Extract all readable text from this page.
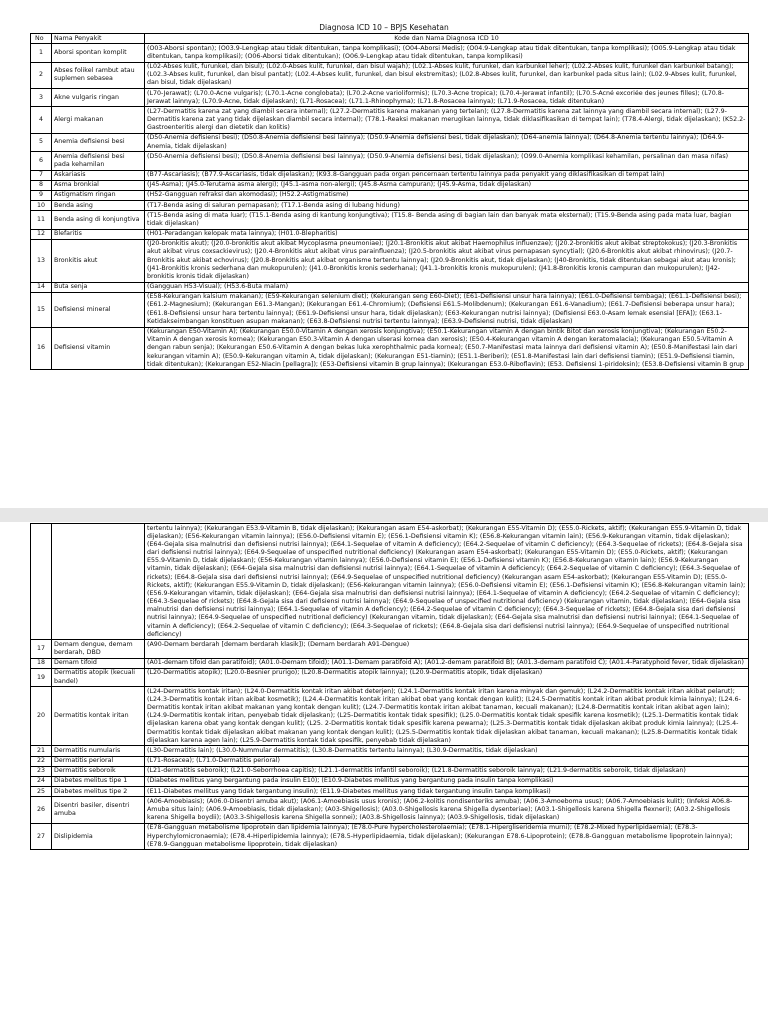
Diagnosa ICD 10 – BPJS Kesehatan
No	Nama Penyakit	Kode dan Nama Diagnosa ICD 10
1	Aborsi spontan komplit	(O03-Aborsi spontan); (O03.9-Lengkap atau tidak ditentukan, tanpa komplikasi); (O04-Aborsi Medis); (O04.9-Lengkap atau tidak ditentukan, tanpa komplikasi); (O05.9-Lengkap atau tidak ditentukan, tanpa komplikasi); (O06-Aborsi tidak ditentukan); (O06.9-Lengkap atau tidak ditentukan, tanpa komplikasi)
2	Abses folikel rambut atau suplemen sebasea	(L02-Abses kulit, furunkel, dan bisul); (L02.0-Abses kulit, furunkel, dan bisul wajah); (L02.1-Abses kulit, furunkel, dan karbunkel leher); (L02.2-Abses kulit, furunkel dan karbunkel batang); (L02.3-Abses kulit, furunkel, dan bisul pantat); (L02.4-Abses kulit, furunkel, dan bisul ekstremitas); (L02.8-Abses kulit, furunkel, dan karbunkel pada situs lain); (L02.9-Abses kulit, furunkel, dan bisul, tidak dijelaskan)
3	Akne vulgaris ringan	(L70-Jerawat); (L70.0-Acne vulgaris); (L70.1-Acne conglobata); (L70.2-Acne varioliformis); (L70.3-Acne tropica); (L70.4-Jerawat infantil); (L70.5-Acné excoriée des jeunes filles); (L70.8-Jerawat lainnya); (L70.9-Acne, tidak dijelaskan); (L71-Rosacea); (L71.1-Rhinophyma); (L71.8-Rosacea lainnya); (L71.9-Rosacea, tidak ditentukan)
4	Alergi makanan	(L27-Dermatitis karena zat yang diambil secara internal); (L27.2-Dermatitis karena makanan yang tertelan); (L27.8-Dermatitis karena zat lainnya yang diambil secara internal); (L27.9-Dermatitis karena zat yang tidak dijelaskan diambil secara internal); (T78.1-Reaksi makanan merugikan lainnya, tidak diklasifikasikan di tempat lain); (T78.4-Alergi, tidak dijelaskan); (K52.2-Gastroenteritis alergi dan dietetik dan kolitis)
5	Anemia defisiensi besi	(D50-Anemia defisiensi besi); (D50.8-Anemia defisiensi besi lainnya); (D50.9-Anemia defisiensi besi, tidak dijelaskan); (D64-anemia lainnya); (D64.8-Anemia tertentu lainnya); (D64.9-Anemia, tidak dijelaskan)
6	Anemia defisiensi besi pada kehamilan	(D50-Anemia defisiensi besi); (D50.8-Anemia defisiensi besi lainnya); (D50.9-Anemia defisiensi besi, tidak dijelaskan); (O99.0-Anemia komplikasi kehamilan, persalinan dan masa nifas)
7	Askariasis	(B77-Ascariasis); (B77.9-Ascariasis, tidak dijelaskan); (K93.8-Gangguan pada organ pencernaan tertentu lainnya pada penyakit yang diklasifikasikan di tempat lain)
8	Asma bronkial	(J45-Asma); (J45.0-Terutama asma alergi); (J45.1-asma non-alergi); (J45.8-Asma campuran); (J45.9-Asma, tidak dijelaskan)
9	Astigmatism ringan	(H52-Gangguan refraksi dan akomodasi); (H52.2-Astigmatisme)
10	Benda asing	(T17-Benda asing di saluran pernapasan); (T17.1-Benda asing di lubang hidung)
11	Benda asing di konjungtiva	(T15-Benda asing di mata luar); (T15.1-Benda asing di kantung konjungtiva); (T15.8- Benda asing di bagian lain dan banyak mata eksternal); (T15.9-Benda asing pada mata luar, bagian tidak dijelaskan)
12	Blefaritis	(H01-Peradangan kelopak mata lainnya); (H01.0-Blepharitis)
13	Bronkitis akut	(J20-bronkitis akut); (J20.0-bronkitis akut akibat Mycoplasma pneumoniae); (J20.1-Bronkitis akut akibat Haemophilus influenzae); (J20.2-bronkitis akut akibat streptokokus); (J20.3-Bronkitis akut akibat virus coxsackievirus); (J20.4-Bronkitis akut akibat virus parainfluenza); (J20.5-bronkitis akut akibat virus pernapasan syncytial); (J20.6-Bronkitis akut akibat rhinovirus); (J20.7-Bronkitis akut akibat echovirus); (J20.8-Bronkitis akut akibat organisme tertentu lainnya); (J20.9-Bronkitis akut, tidak dijelaskan); (J40-Bronkitis, tidak ditentukan sebagai akut atau kronis); (J41-Bronkitis kronis sederhana dan mukopurulen); (J41.0-Bronkitis kronis sederhana); (J41.1-bronkitis kronis mukopurulen); (J41.8-Bronkitis kronis campuran dan mukopurulen); (J42-bronkitis kronis tidak dijelaskan)
14	Buta senja	(Gangguan H53-Visual); (H53.6-Buta malam)
15	Defisiensi mineral	(E58-Kekurangan kalsium makanan); (E59-Kekurangan selenium diet); (Kekurangan seng E60-Diet); (E61-Defisiensi unsur hara lainnya); (E61.0-Defisiensi tembaga); (E61.1-Defisiensi besi); (E61.2-Magnesium); (Kekurangan E61.3-Mangan); (Kekurangan E61.4-Chromium); (Defisiensi E61.5-Molibdenum); (Kekurangan E61.6-Vanadium); (E61.7-Defisiensi beberapa unsur hara); (E61.8-Defisiensi unsur hara tertentu lainnya); (E61.9-Defisiensi unsur hara, tidak dijelaskan); (E63-Kekurangan nutrisi lainnya); (Defisiensi E63.0-Asam lemak esensial [EFA]); (E63.1-Ketidakseimbangan konstituen asupan makanan); (E63.8-Defisiensi nutrisi tertentu lainnya); (E63.9-Defisiensi nutrisi, tidak dijelaskan)
16	Defisiensi vitamin	(Kekurangan E50-Vitamin A); (Kekurangan E50.0-Vitamin A dengan xerosis konjungtiva); (E50.1-Kekurangan vitamin A dengan bintik Bitot dan xerosis konjungtiva); (Kekurangan E50.2-Vitamin A dengan xerosis kornea); (Kekurangan E50.3-Vitamin A dengan ulserasi kornea dan xerosis); (E50.4-Kekurangan vitamin A dengan keratomalacia); (Kekurangan E50.5-Vitamin A dengan rabun senja); (Kekurangan E50.6-Vitamin A dengan bekas luka xerophthalmic pada kornea); (E50.7-Manifestasi mata lainnya dari defisiensi vitamin A); (E50.8-Manifestasi lain dari kekurangan vitamin A); (E50.9-Kekurangan vitamin A, tidak dijelaskan); (Kekurangan E51-tiamin); (E51.1-Beriberi); (E51.8-Manifestasi lain dari defisiensi tiamin); (E51.9-Defisiensi tiamin, tidak ditentukan); (Kekurangan E52-Niacin [pellagra]); (E53-Defisiensi vitamin B grup lainnya); (Kekurangan E53.0-Riboflavin); (E53. Defisiensi 1-piridoksin); (E53.8-Defisiensi vitamin B grup
		tertentu lainnya); (Kekurangan E53.9-Vitamin B, tidak dijelaskan); (Kekurangan asam E54-askorbat); (Kekurangan E55-Vitamin D); (E55.0-Rickets, aktif); (Kekurangan E55.9-Vitamin D, tidak dijelaskan); (E56-Kekurangan vitamin lainnya); (E56.0-Defisiensi vitamin E); (E56.1-Defisiensi vitamin K); (E56.8-Kekurangan vitamin lain); (E56.9-Kekurangan vitamin, tidak dijelaskan); (E64-Gejala sisa malnutrisi dan defisiensi nutrisi lainnya); (E64.1-Sequelae of vitamin A deficiency); (E64.2-Sequelae of vitamin C deficiency); (E64.3-Sequelae of rickets); (E64.8-Gejala sisa dari defisiensi nutrisi lainnya); (E64.9-Sequelae of unspecified nutritional deficiency) (Kekurangan asam E54-askorbat); (Kekurangan E55-Vitamin D); (E55.0-Rickets, aktif); (Kekurangan E55.9-Vitamin D, tidak dijelaskan); (E56-Kekurangan vitamin lainnya); (E56.0-Defisiensi vitamin E); (E56.1-Defisiensi vitamin K); (E56.8-Kekurangan vitamin lain); (E56.9-Kekurangan vitamin, tidak dijelaskan); (E64-Gejala sisa malnutrisi dan defisiensi nutrisi lainnya); (E64.1-Sequelae of vitamin A deficiency); (E64.2-Sequelae of vitamin C deficiency); (E64.3-Sequelae of rickets); (E64.8-Gejala sisa dari defisiensi nutrisi lainnya); (E64.9-Sequelae of unspecified nutritional deficiency) (Kekurangan asam E54-askorbat); (Kekurangan E55-Vitamin D); (E55.0-Rickets, aktif); (Kekurangan E55.9-Vitamin D, tidak dijelaskan); (E56-Kekurangan vitamin lainnya); (E56.0-Defisiensi vitamin E); (E56.1-Defisiensi vitamin K); (E56.8-Kekurangan vitamin lain); (E56.9-Kekurangan vitamin, tidak dijelaskan); (E64-Gejala sisa malnutrisi dan defisiensi nutrisi lainnya); (E64.1-Sequelae of vitamin A deficiency); (E64.2-Sequelae of vitamin C deficiency); (E64.3-Sequelae of rickets); (E64.8-Gejala sisa dari defisiensi nutrisi lainnya); (E64.9-Sequelae of unspecified nutritional deficiency) (Kekurangan vitamin, tidak dijelaskan); (E64-Gejala sisa malnutrisi dan defisiensi nutrisi lainnya); (E64.1-Sequelae of vitamin A deficiency); (E64.2-Sequelae of vitamin C deficiency); (E64.3-Sequelae of rickets); (E64.8-Gejala sisa dari defisiensi nutrisi lainnya); (E64.9-Sequelae of unspecified nutritional deficiency) (Kekurangan vitamin, tidak dijelaskan); (E64-Gejala sisa malnutrisi dan defisiensi nutrisi lainnya); (E64.1-Sequelae of vitamin A deficiency); (E64.2-Sequelae of vitamin C deficiency); (E64.3-Sequelae of rickets); (E64.8-Gejala sisa dari defisiensi nutrisi lainnya); (E64.9-Sequelae of unspecified nutritional deficiency)
17	Demam dengue, demam berdarah, DBD	(A90-Demam berdarah [demam berdarah klasik]); (Demam berdarah A91-Dengue)
18	Demam tifoid	(A01-demam tifoid dan paratifoid); (A01.0-Demam tifoid); (A01.1-Demam paratifoid A); (A01.2-demam paratifoid B); (A01.3-demam paratifoid C); (A01.4-Paratyphoid fever, tidak dijelaskan)
19	Dermatitis atopik (kecuali bandel)	(L20-Dermatitis atopik); (L20.0-Besnier prurigo); (L20.8-Dermatitis atopik lainnya); (L20.9-Dermatitis atopik, tidak dijelaskan)
20	Dermatitis kontak iritan	(L24-Dermatitis kontak iritan); (L24.0-Dermatitis kontak iritan akibat deterjen); (L24.1-Dermatitis kontak iritan karena minyak dan gemuk); (L24.2-Dermatitis kontak iritan akibat pelarut); (L24.3-Dermatitis kontak iritan akibat kosmetik); (L24.4-Dermatitis kontak iritan akibat obat yang kontak dengan kulit); (L24.5-Dermatitis kontak iritan akibat produk kimia lainnya); (L24.6-Dermatitis kontak iritan akibat makanan yang kontak dengan kulit); (L24.7-Dermatitis kontak iritan akibat tanaman, kecuali makanan); (L24.8-Dermatitis kontak iritan akibat agen lain); (L24.9-Dermatitis kontak iritan, penyebab tidak dijelaskan); (L25-Dermatitis kontak tidak spesifik); (L25.0-Dermatitis kontak tidak spesifik karena kosmetik); (L25.1-Dermatitis kontak tidak dijelaskan karena obat yang kontak dengan kulit); (L25. 2-Dermatitis kontak tidak spesifik karena pewarna); (L25.3-Dermatitis kontak tidak dijelaskan akibat produk kimia lainnya); (L25.4-Dermatitis kontak tidak dijelaskan akibat makanan yang kontak dengan kulit); (L25.5-Dermatitis kontak tidak dijelaskan akibat tanaman, kecuali makanan); (L25.8-Dermatitis kontak tidak dijelaskan karena agen lain); (L25.9-Dermatitis kontak tidak spesifik, penyebab tidak dijelaskan)
21	Dermatitis numularis	(L30-Dermatitis lain); (L30.0-Nummular dermatitis); (L30.8-Dermatitis tertentu lainnya); (L30.9-Dermatitis, tidak dijelaskan)
22	Dermatitis perioral	(L71-Rosacea); (L71.0-Dermatitis perioral)
23	Dermatitis seboroik	(L21-dermatitis seboroik); (L21.0-Seborrhoea capitis); (L21.1-dermatitis infantil seboroik); (L21.8-Dermatitis seboroik lainnya); (L21.9-dermatitis seboroik, tidak dijelaskan)
24	Diabetes melitus tipe 1	(Diabetes mellitus yang bergantung pada insulin E10); (E10.9-Diabetes mellitus yang bergantung pada insulin tanpa komplikasi)
25	Diabetes melitus tipe 2	(E11-Diabetes mellitus yang tidak tergantung insulin); (E11.9-Diabetes mellitus yang tidak tergantung insulin tanpa komplikasi)
26	Disentri basiler, disentri amuba	(A06-Amoebiasis); (A06.0-Disentri amuba akut); (A06.1-Amoebiasis usus kronis); (A06.2-kolitis nondisenteriks amuba); (A06.3-Amoeboma usus); (A06.7-Amoebiasis kulit); (Infeksi A06.8-Amuba situs lain); (A06.9-Amoebiasis, tidak dijelaskan); (A03-Shigellosis); (A03.0-Shigellosis karena Shigella dysenteriae); (A03.1-Shigellosis karena Shigella flexneri); (A03.2-Shigellosis karena Shigella boydii); (A03.3-Shigellosis karena Shigella sonnei); (A03.8-Shigellosis lainnya); (A03.9-Shigellosis, tidak dijelaskan)
27	Dislipidemia	(E78-Gangguan metabolisme lipoprotein dan lipidemia lainnya); (E78.0-Pure hypercholesterolaemia); (E78.1-Hipergliseridemia murni); (E78.2-Mixed hyperlipidaemia); (E78.3-Hyperchylomicronaemia); (E78.4-Hiperlipidemia lainnya); (E78.5-Hyperlipidaemia, tidak dijelaskan); (Kekurangan E78.6-Lipoprotein); (E78.8-Gangguan metabolisme lipoprotein lainnya); (E78.9-Gangguan metabolisme lipoprotein, tidak dijelaskan)
